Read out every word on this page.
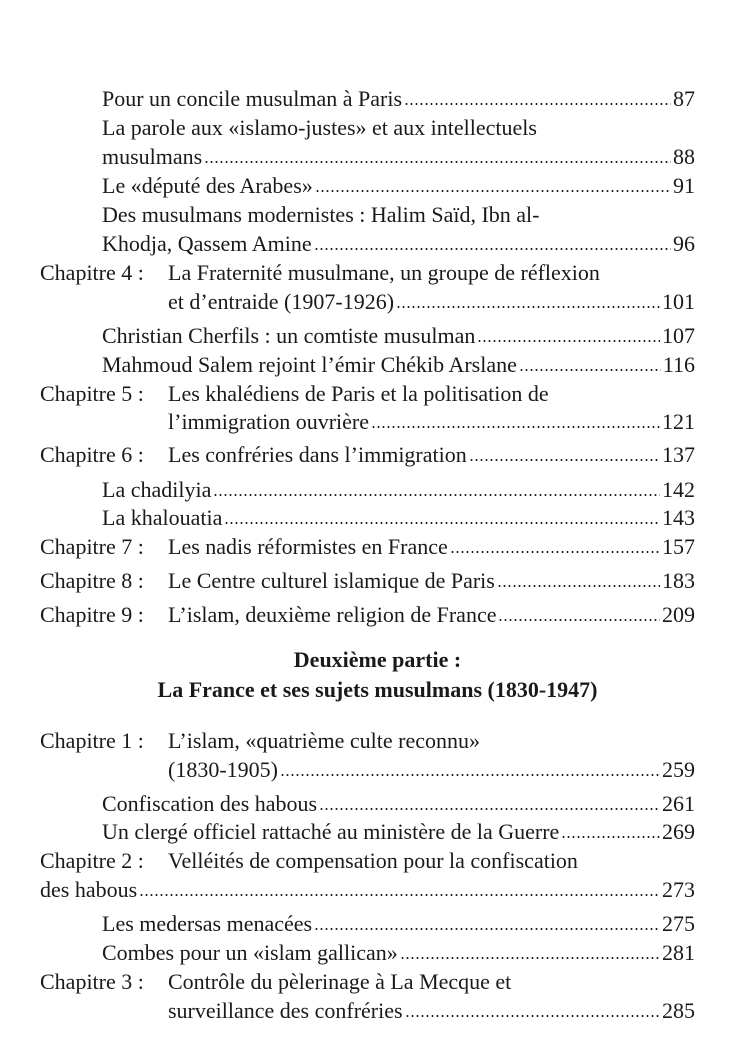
Pour un concile musulman à Paris	87
La parole aux «islamo-justes» et aux intellectuels
musulmans	88
Le «député des Arabes»	91
Des musulmans modernistes : Halim Saïd, Ibn al-
Khodja, Qassem Amine	96
Chapitre 4 :	La Fraternité musulmane, un groupe de réflexion
et d’entraide (1907-1926)	101
Christian Cherfils : un comtiste musulman	107
Mahmoud Salem rejoint l’émir Chékib Arslane	116
Chapitre 5 :	Les khalédiens de Paris et la politisation de
l’immigration ouvrière	121
Chapitre 6 :	Les confréries dans l’immigration	137
La chadilyia	142
La khalouatia	143
Chapitre 7 :	Les nadis réformistes en France	157
Chapitre 8 :	Le Centre culturel islamique de Paris	183
Chapitre 9 :	L’islam, deuxième religion de France	209
Deuxième partie :
La France et ses sujets musulmans (1830-1947)
Chapitre 1 :	L’islam, «quatrième culte reconnu»
(1830-1905)	259
Confiscation des habous	261
Un clergé officiel rattaché au ministère de la Guerre	269
Chapitre 2 :	Velléités de compensation pour la confiscation
des habous	273
Les medersas menacées	275
Combes pour un «islam gallican»	281
Chapitre 3 :	Contrôle du pèlerinage à La Mecque et
surveillance des confréries	285
